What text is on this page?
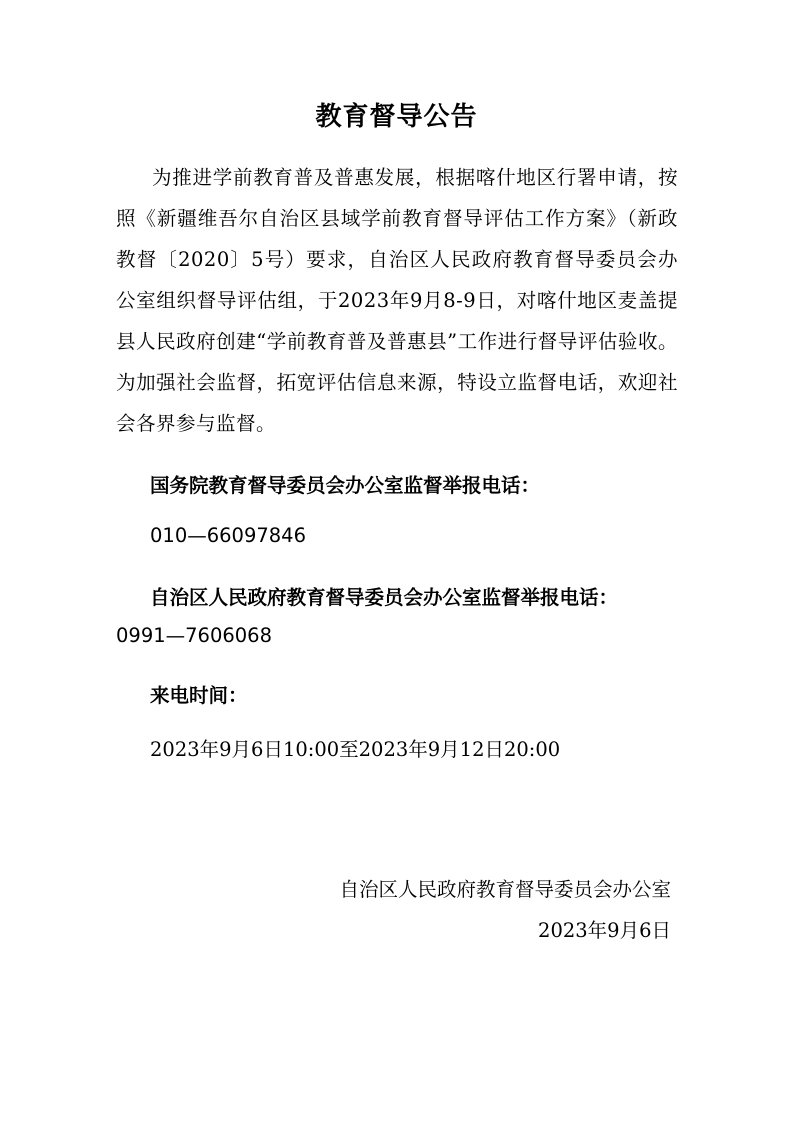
教育督导公告
为推进学前教育普及普惠发展，根据喀什地区行署申请，按照《新疆维吾尔自治区县域学前教育督导评估工作方案》（新政教督〔2020〕5号）要求，自治区人民政府教育督导委员会办公室组织督导评估组，于2023年9月8-9日，对喀什地区麦盖提县人民政府创建“学前教育普及普惠县”工作进行督导评估验收。为加强社会监督，拓宽评估信息来源，特设立监督电话，欢迎社会各界参与监督。
国务院教育督导委员会办公室监督举报电话：
010—66097846
自治区人民政府教育督导委员会办公室监督举报电话：
0991—7606068
来电时间：
2023年9月6日10:00至2023年9月12日20:00
自治区人民政府教育督导委员会办公室
2023年9月6日
